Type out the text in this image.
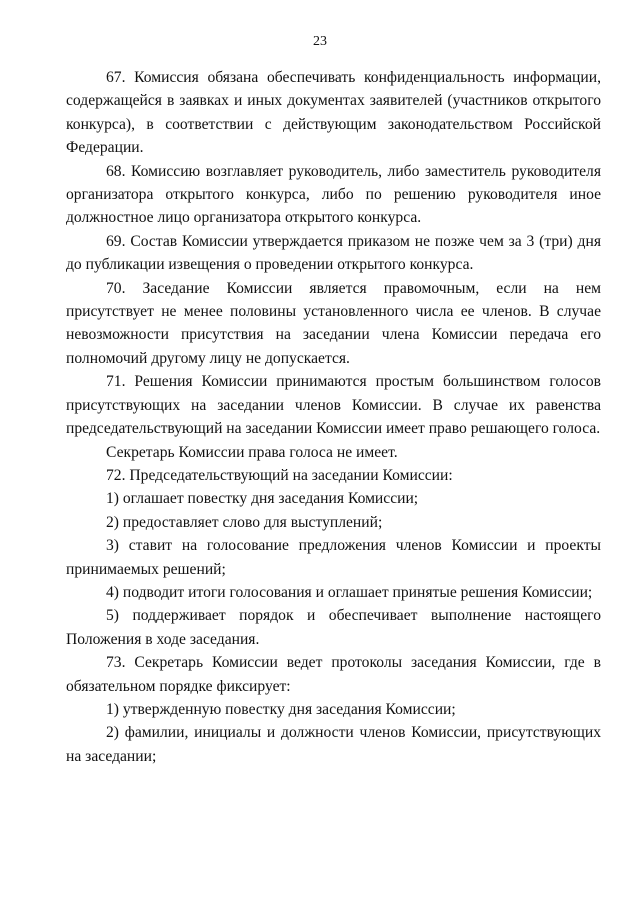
23

67. Комиссия обязана обеспечивать конфиденциальность информации, содержащейся в заявках и иных документах заявителей (участников открытого конкурса), в соответствии с действующим законодательством Российской Федерации.

68. Комиссию возглавляет руководитель, либо заместитель руководителя организатора открытого конкурса, либо по решению руководителя иное должностное лицо организатора открытого конкурса.

69. Состав Комиссии утверждается приказом не позже чем за 3 (три) дня до публикации извещения о проведении открытого конкурса.

70. Заседание Комиссии является правомочным, если на нем присутствует не менее половины установленного числа ее членов. В случае невозможности присутствия на заседании члена Комиссии передача его полномочий другому лицу не допускается.

71. Решения Комиссии принимаются простым большинством голосов присутствующих на заседании членов Комиссии. В случае их равенства председательствующий на заседании Комиссии имеет право решающего голоса.

Секретарь Комиссии права голоса не имеет.

72. Председательствующий на заседании Комиссии:

1) оглашает повестку дня заседания Комиссии;

2) предоставляет слово для выступлений;

3) ставит на голосование предложения членов Комиссии и проекты принимаемых решений;

4) подводит итоги голосования и оглашает принятые решения Комиссии;

5) поддерживает порядок и обеспечивает выполнение настоящего Положения в ходе заседания.

73. Секретарь Комиссии ведет протоколы заседания Комиссии, где в обязательном порядке фиксирует:

1) утвержденную повестку дня заседания Комиссии;

2) фамилии, инициалы и должности членов Комиссии, присутствующих на заседании;
